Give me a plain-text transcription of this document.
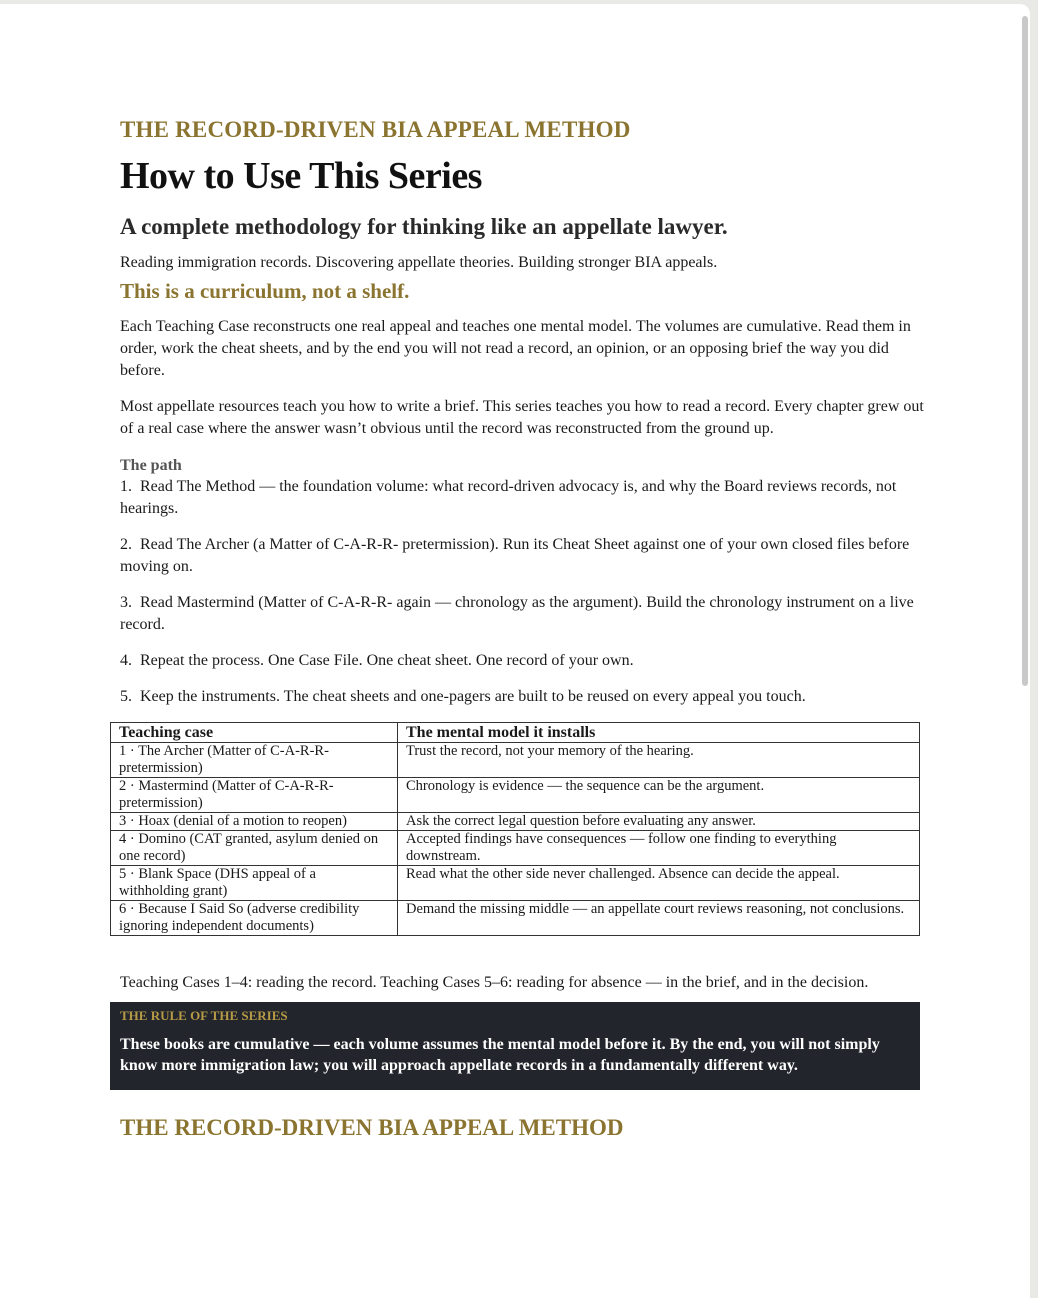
THE RECORD-DRIVEN BIA APPEAL METHOD
How to Use This Series
A complete methodology for thinking like an appellate lawyer.
Reading immigration records. Discovering appellate theories. Building stronger BIA appeals.
This is a curriculum, not a shelf.

Each Teaching Case reconstructs one real appeal and teaches one mental model. The volumes are cumulative. Read them in order, work the cheat sheets, and by the end you will not read a record, an opinion, or an opposing brief the way you did before.

Most appellate resources teach you how to write a brief. This series teaches you how to read a record. Every chapter grew out of a real case where the answer wasn’t obvious until the record was reconstructed from the ground up.

The path
1. Read The Method — the foundation volume: what record-driven advocacy is, and why the Board reviews records, not hearings.
2. Read The Archer (a Matter of C-A-R-R- pretermission). Run its Cheat Sheet against one of your own closed files before moving on.
3. Read Mastermind (Matter of C-A-R-R- again — chronology as the argument). Build the chronology instrument on a live record.
4. Repeat the process. One Case File. One cheat sheet. One record of your own.
5. Keep the instruments. The cheat sheets and one-pagers are built to be reused on every appeal you touch.
Teaching case	The mental model it installs
1 · The Archer (Matter of C-A-R-R- pretermission)	Trust the record, not your memory of the hearing.
2 · Mastermind (Matter of C-A-R-R- pretermission)	Chronology is evidence — the sequence can be the argument.
3 · Hoax (denial of a motion to reopen)	Ask the correct legal question before evaluating any answer.
4 · Domino (CAT granted, asylum denied on one record)	Accepted findings have consequences — follow one finding to everything downstream.
5 · Blank Space (DHS appeal of a withholding grant)	Read what the other side never challenged. Absence can decide the appeal.
6 · Because I Said So (adverse credibility ignoring independent documents)	Demand the missing middle — an appellate court reviews reasoning, not conclusions.
Teaching Cases 1–4: reading the record. Teaching Cases 5–6: reading for absence — in the brief, and in the decision.
THE RULE OF THE SERIES

These books are cumulative — each volume assumes the mental model before it. By the end, you will not simply know more immigration law; you will approach appellate records in a fundamentally different way.

THE RECORD-DRIVEN BIA APPEAL METHOD
